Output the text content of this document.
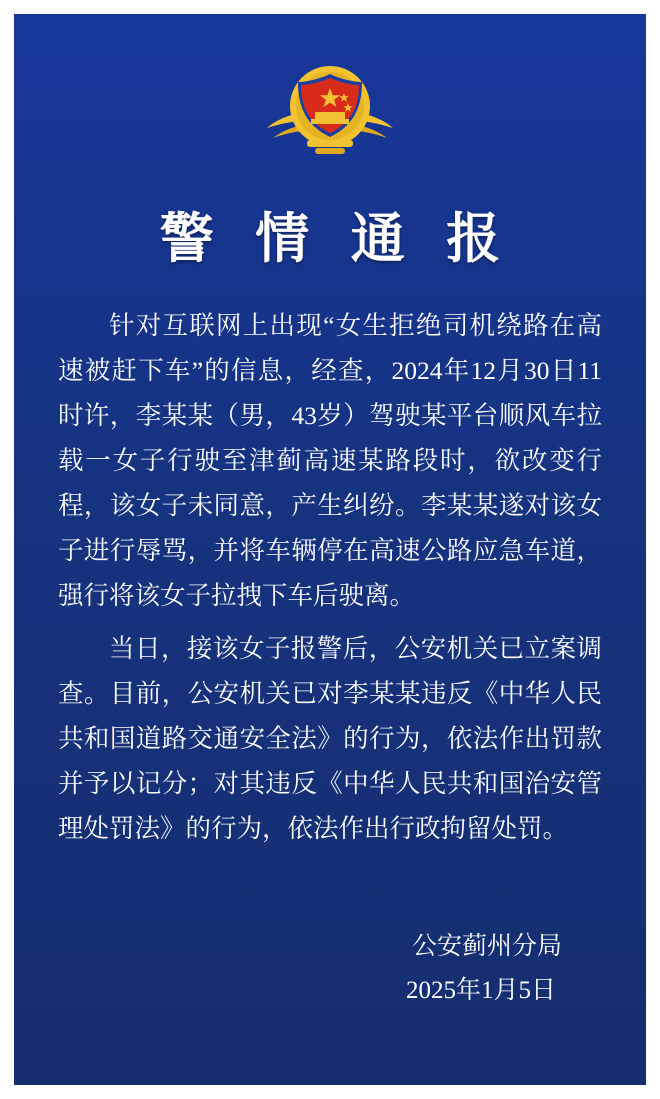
警 情 通 报

针对互联网上出现“女生拒绝司机绕路在高速被赶下车”的信息，经查，2024年12月30日11时许，李某某（男，43岁）驾驶某平台顺风车拉载一女子行驶至津蓟高速某路段时，欲改变行程，该女子未同意，产生纠纷。李某某遂对该女子进行辱骂，并将车辆停在高速公路应急车道，强行将该女子拉拽下车后驶离。

当日，接该女子报警后，公安机关已立案调查。目前，公安机关已对李某某违反《中华人民共和国道路交通安全法》的行为，依法作出罚款并予以记分；对其违反《中华人民共和国治安管理处罚法》的行为，依法作出行政拘留处罚。

公安蓟州分局
2025年1月5日
